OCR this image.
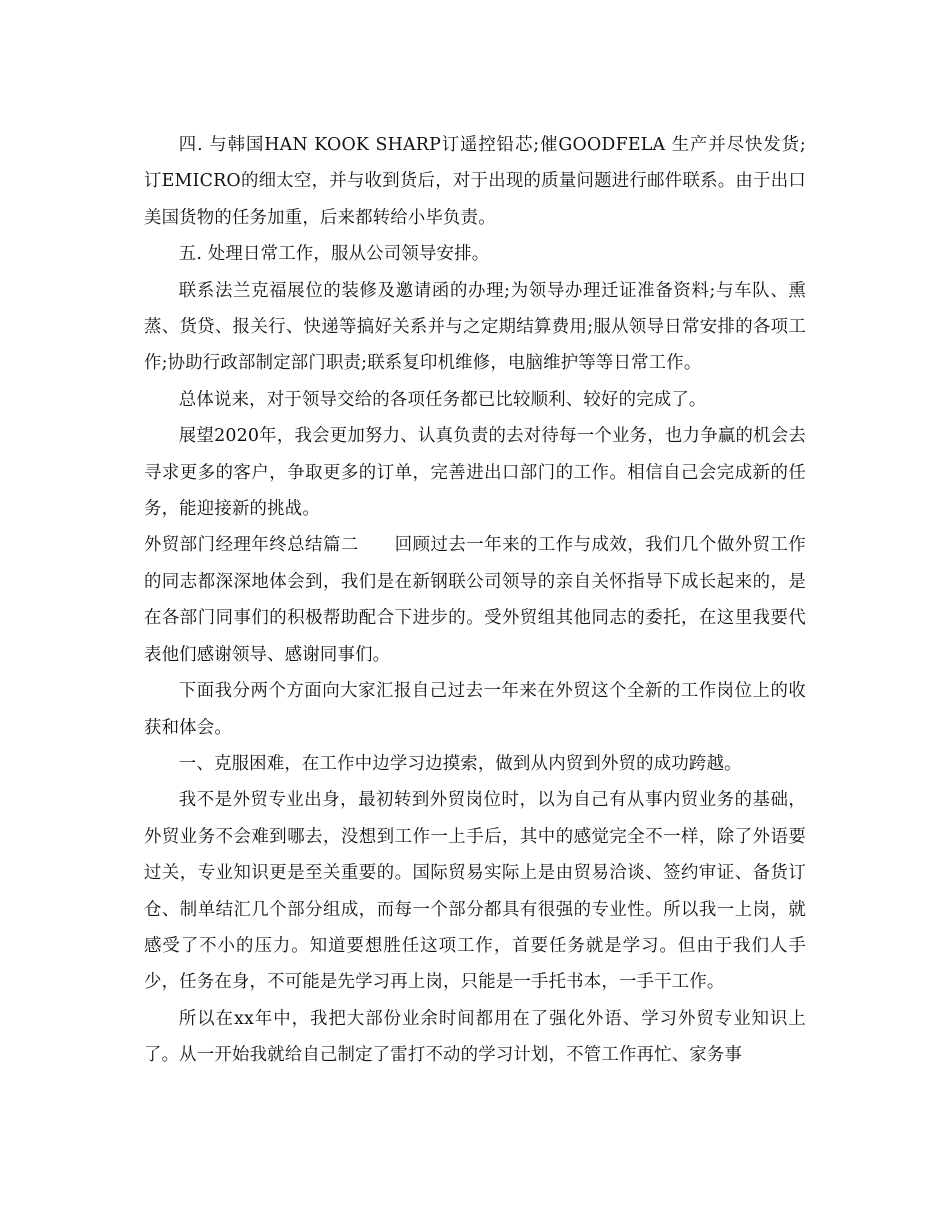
四. 与韩国HAN KOOK SHARP订遥控铅芯;催GOODFELA 生产并尽快发货;订EMICRO的细太空，并与收到货后，对于出现的质量问题进行邮件联系。由于出口美国货物的任务加重，后来都转给小毕负责。

五. 处理日常工作，服从公司领导安排。

联系法兰克福展位的装修及邀请函的办理;为领导办理迁证准备资料;与车队、熏蒸、货贷、报关行、快递等搞好关系并与之定期结算费用;服从领导日常安排的各项工作;协助行政部制定部门职责;联系复印机维修，电脑维护等等日常工作。

总体说来，对于领导交给的各项任务都已比较顺利、较好的完成了。

展望2020年，我会更加努力、认真负责的去对待每一个业务，也力争赢的机会去寻求更多的客户，争取更多的订单，完善进出口部门的工作。相信自己会完成新的任务，能迎接新的挑战。

外贸部门经理年终总结篇二 回顾过去一年来的工作与成效，我们几个做外贸工作的同志都深深地体会到，我们是在新钢联公司领导的亲自关怀指导下成长起来的，是在各部门同事们的积极帮助配合下进步的。受外贸组其他同志的委托，在这里我要代表他们感谢领导、感谢同事们。

下面我分两个方面向大家汇报自己过去一年来在外贸这个全新的工作岗位上的收获和体会。

一、克服困难，在工作中边学习边摸索，做到从内贸到外贸的成功跨越。

我不是外贸专业出身，最初转到外贸岗位时，以为自己有从事内贸业务的基础，外贸业务不会难到哪去，没想到工作一上手后，其中的感觉完全不一样，除了外语要过关，专业知识更是至关重要的。国际贸易实际上是由贸易洽谈、签约审证、备货订仓、制单结汇几个部分组成，而每一个部分都具有很强的专业性。所以我一上岗，就感受了不小的压力。知道要想胜任这项工作，首要任务就是学习。但由于我们人手少，任务在身，不可能是先学习再上岗，只能是一手托书本，一手干工作。

所以在xx年中，我把大部份业余时间都用在了强化外语、学习外贸专业知识上了。从一开始我就给自己制定了雷打不动的学习计划，不管工作再忙、家务事
